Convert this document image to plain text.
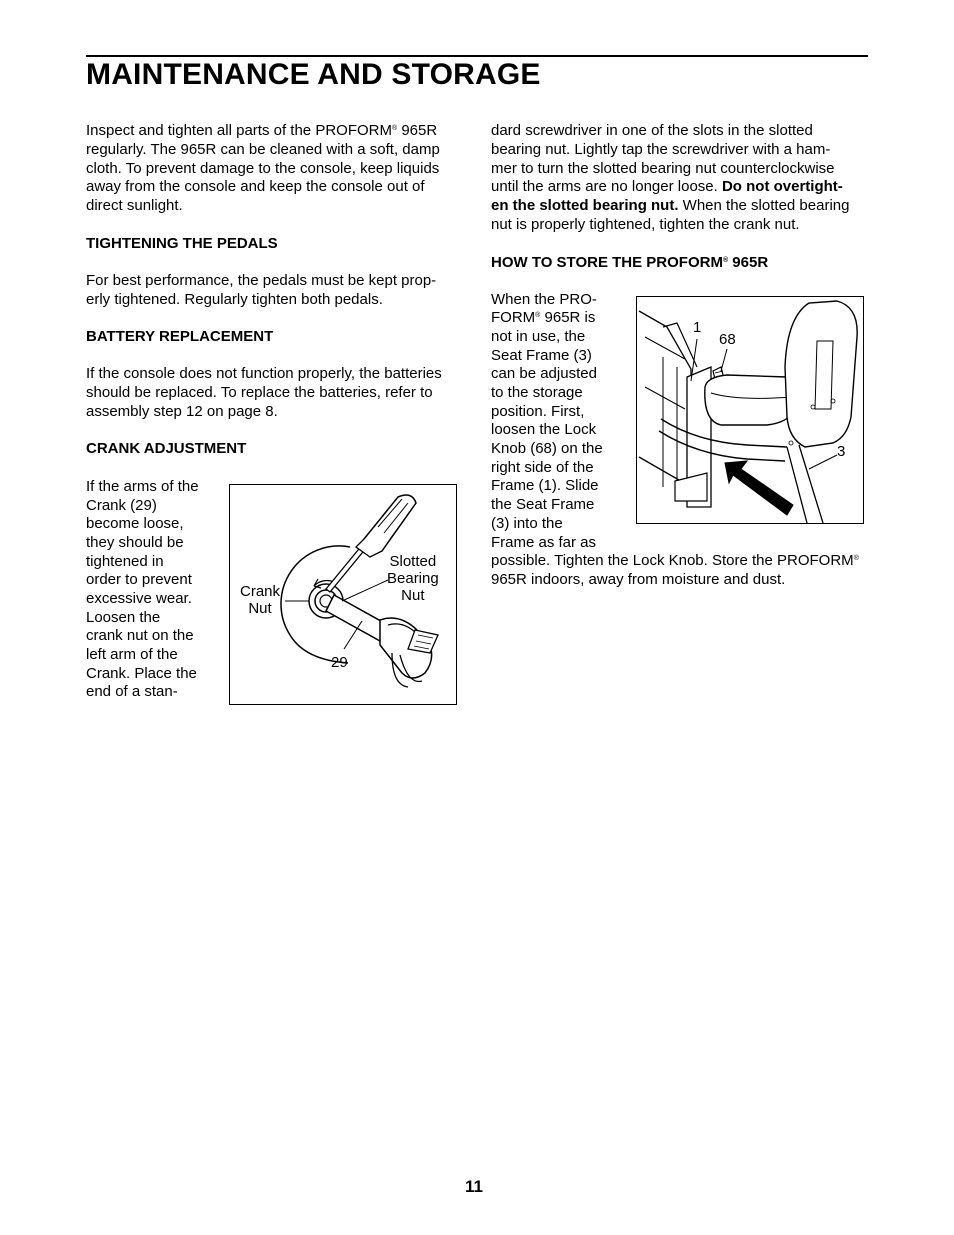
MAINTENANCE AND STORAGE

Inspect and tighten all parts of the PROFORM® 965R

regularly. The 965R can be cleaned with a soft, damp

cloth. To prevent damage to the console, keep liquids

away from the console and keep the console out of

direct sunlight.

TIGHTENING THE PEDALS

For best performance, the pedals must be kept prop-

erly tightened. Regularly tighten both pedals.

BATTERY REPLACEMENT

If the console does not function properly, the batteries

should be replaced. To replace the batteries, refer to

assembly step 12 on page 8.

CRANK ADJUSTMENT

If the arms of the

Crank (29)

become loose,

they should be

tightened in

order to prevent

excessive wear.

Loosen the

crank nut on the

left arm of the

Crank. Place the

end of a stan-

Crank
Nut
Slotted
Bearing
Nut
29

dard screwdriver in one of the slots in the slotted

bearing nut. Lightly tap the screwdriver with a ham-

mer to turn the slotted bearing nut counterclockwise

until the arms are no longer loose. Do not overtight-

en the slotted bearing nut. When the slotted bearing

nut is properly tightened, tighten the crank nut.

HOW TO STORE THE PROFORM® 965R

When the PRO-

FORM® 965R is

not in use, the

Seat Frame (3)

can be adjusted

to the storage

position. First,

loosen the Lock

Knob (68) on the

right side of the

Frame (1). Slide

the Seat Frame

(3) into the

Frame as far as

possible. Tighten the Lock Knob. Store the PROFORM®

965R indoors, away from moisture and dust.

1
68
3
11
